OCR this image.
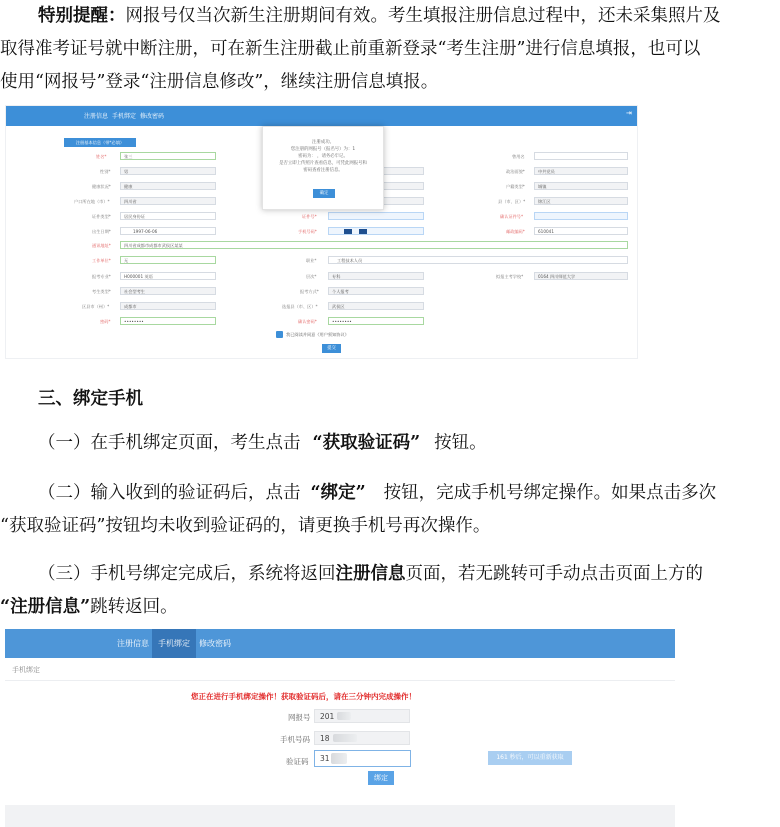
特别提醒：网报号仅当次新生注册期间有效。考生填报注册信息过程中，还未采集照片及
取得准考证号就中断注册，可在新生注册截止前重新登录“考生注册”进行信息填报，也可以
使用“网报号”登录“注册信息修改”，继续注册信息填报。
注册信息 手机绑定 修改密码	⇥
注册基本信息（带*必填）
姓名*	张三
性别*	男
健康状况*	健康
户口所在地（市）*	四川省
证件类型*	居民身份证
出生日期*	1997-06-06
通讯地址*	四川省成都市成都市武侯区某某
工作单位*	无
报考专业*	H000001 英语
考生类型*	社会型考生
区县市（州）*	成都市
密码*	••••••••
证件号*
手机号码*
职业*	工程技术人员
层次*	专科
报考方式*	个人报考
选报县（市、区）*	武侯区
确认密码*	••••••••
曾用名
政治面貌*	中共党员
户籍类型*	城镇
县（市、区）*	锦江区
确认证件号*
邮政编码*	610041
拟报主考学校*	0164 四川师范大学
我已阅读并同意《用户须知协议》
提交
注册成功。
您注册的网报号（报名号）为：1
密码为： ，请务必牢记。
是否立即上传照片查看信息，可凭此网报号和
密码查看注册信息。
确定
三、绑定手机
（一）在手机绑定页面，考生点击 “获取验证码” 按钮。
（二）输入收到的验证码后，点击 “绑定” 按钮，完成手机号绑定操作。如果点击多次
“获取验证码”按钮均未收到验证码的，请更换手机号再次操作。
（三）手机号绑定完成后，系统将返回注册信息页面，若无跳转可手动点击页面上方的
“注册信息”跳转返回。
注册信息	手机绑定	修改密码
手机绑定
您正在进行手机绑定操作！获取验证码后，请在三分钟内完成操作！
网报号 201
手机号码 18
验证码 31	161 秒后，可以重新获取
绑定
